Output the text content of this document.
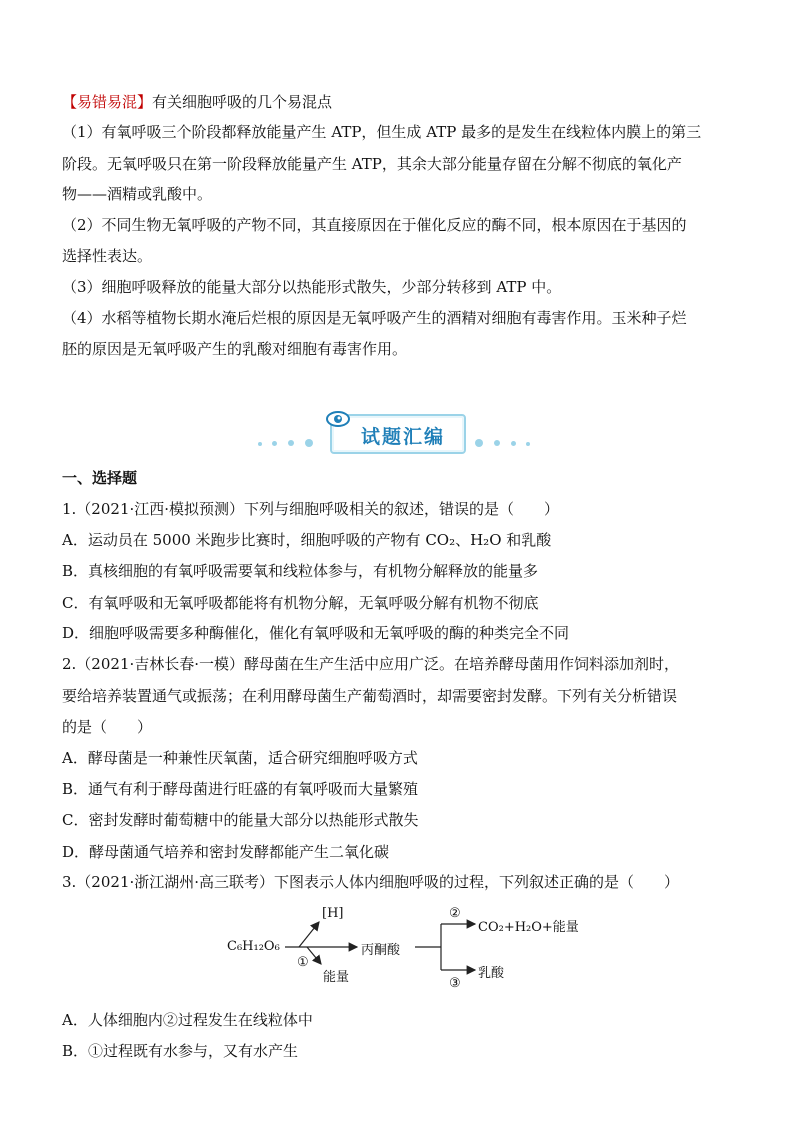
【易错易混】有关细胞呼吸的几个易混点
（1）有氧呼吸三个阶段都释放能量产生 ATP，但生成 ATP 最多的是发生在线粒体内膜上的第三
阶段。无氧呼吸只在第一阶段释放能量产生 ATP，其余大部分能量存留在分解不彻底的氧化产
物——酒精或乳酸中。
（2）不同生物无氧呼吸的产物不同，其直接原因在于催化反应的酶不同，根本原因在于基因的
选择性表达。
（3）细胞呼吸释放的能量大部分以热能形式散失，少部分转移到 ATP 中。
（4）水稻等植物长期水淹后烂根的原因是无氧呼吸产生的酒精对细胞有毒害作用。玉米种子烂
胚的原因是无氧呼吸产生的乳酸对细胞有毒害作用。
试题汇编
一、选择题
1.（2021·江西·模拟预测）下列与细胞呼吸相关的叙述，错误的是（　　）
A．运动员在 5000 米跑步比赛时，细胞呼吸的产物有 CO₂、H₂O 和乳酸
B．真核细胞的有氧呼吸需要氧和线粒体参与，有机物分解释放的能量多
C．有氧呼吸和无氧呼吸都能将有机物分解，无氧呼吸分解有机物不彻底
D．细胞呼吸需要多种酶催化，催化有氧呼吸和无氧呼吸的酶的种类完全不同
2.（2021·吉林长春·一模）酵母菌在生产生活中应用广泛。在培养酵母菌用作饲料添加剂时，
要给培养装置通气或振荡；在利用酵母菌生产葡萄酒时，却需要密封发酵。下列有关分析错误
的是（　　）
A．酵母菌是一种兼性厌氧菌，适合研究细胞呼吸方式
B．通气有利于酵母菌进行旺盛的有氧呼吸而大量繁殖
C．密封发酵时葡萄糖中的能量大部分以热能形式散失
D．酵母菌通气培养和密封发酵都能产生二氧化碳
3.（2021·浙江湖州·高三联考）下图表示人体内细胞呼吸的过程，下列叙述正确的是（　　）
C₆H₁₂O₆
[H]
①
能量
丙酮酸
②
CO₂+H₂O+能量
③
乳酸
A．人体细胞内②过程发生在线粒体中
B．①过程既有水参与，又有水产生
